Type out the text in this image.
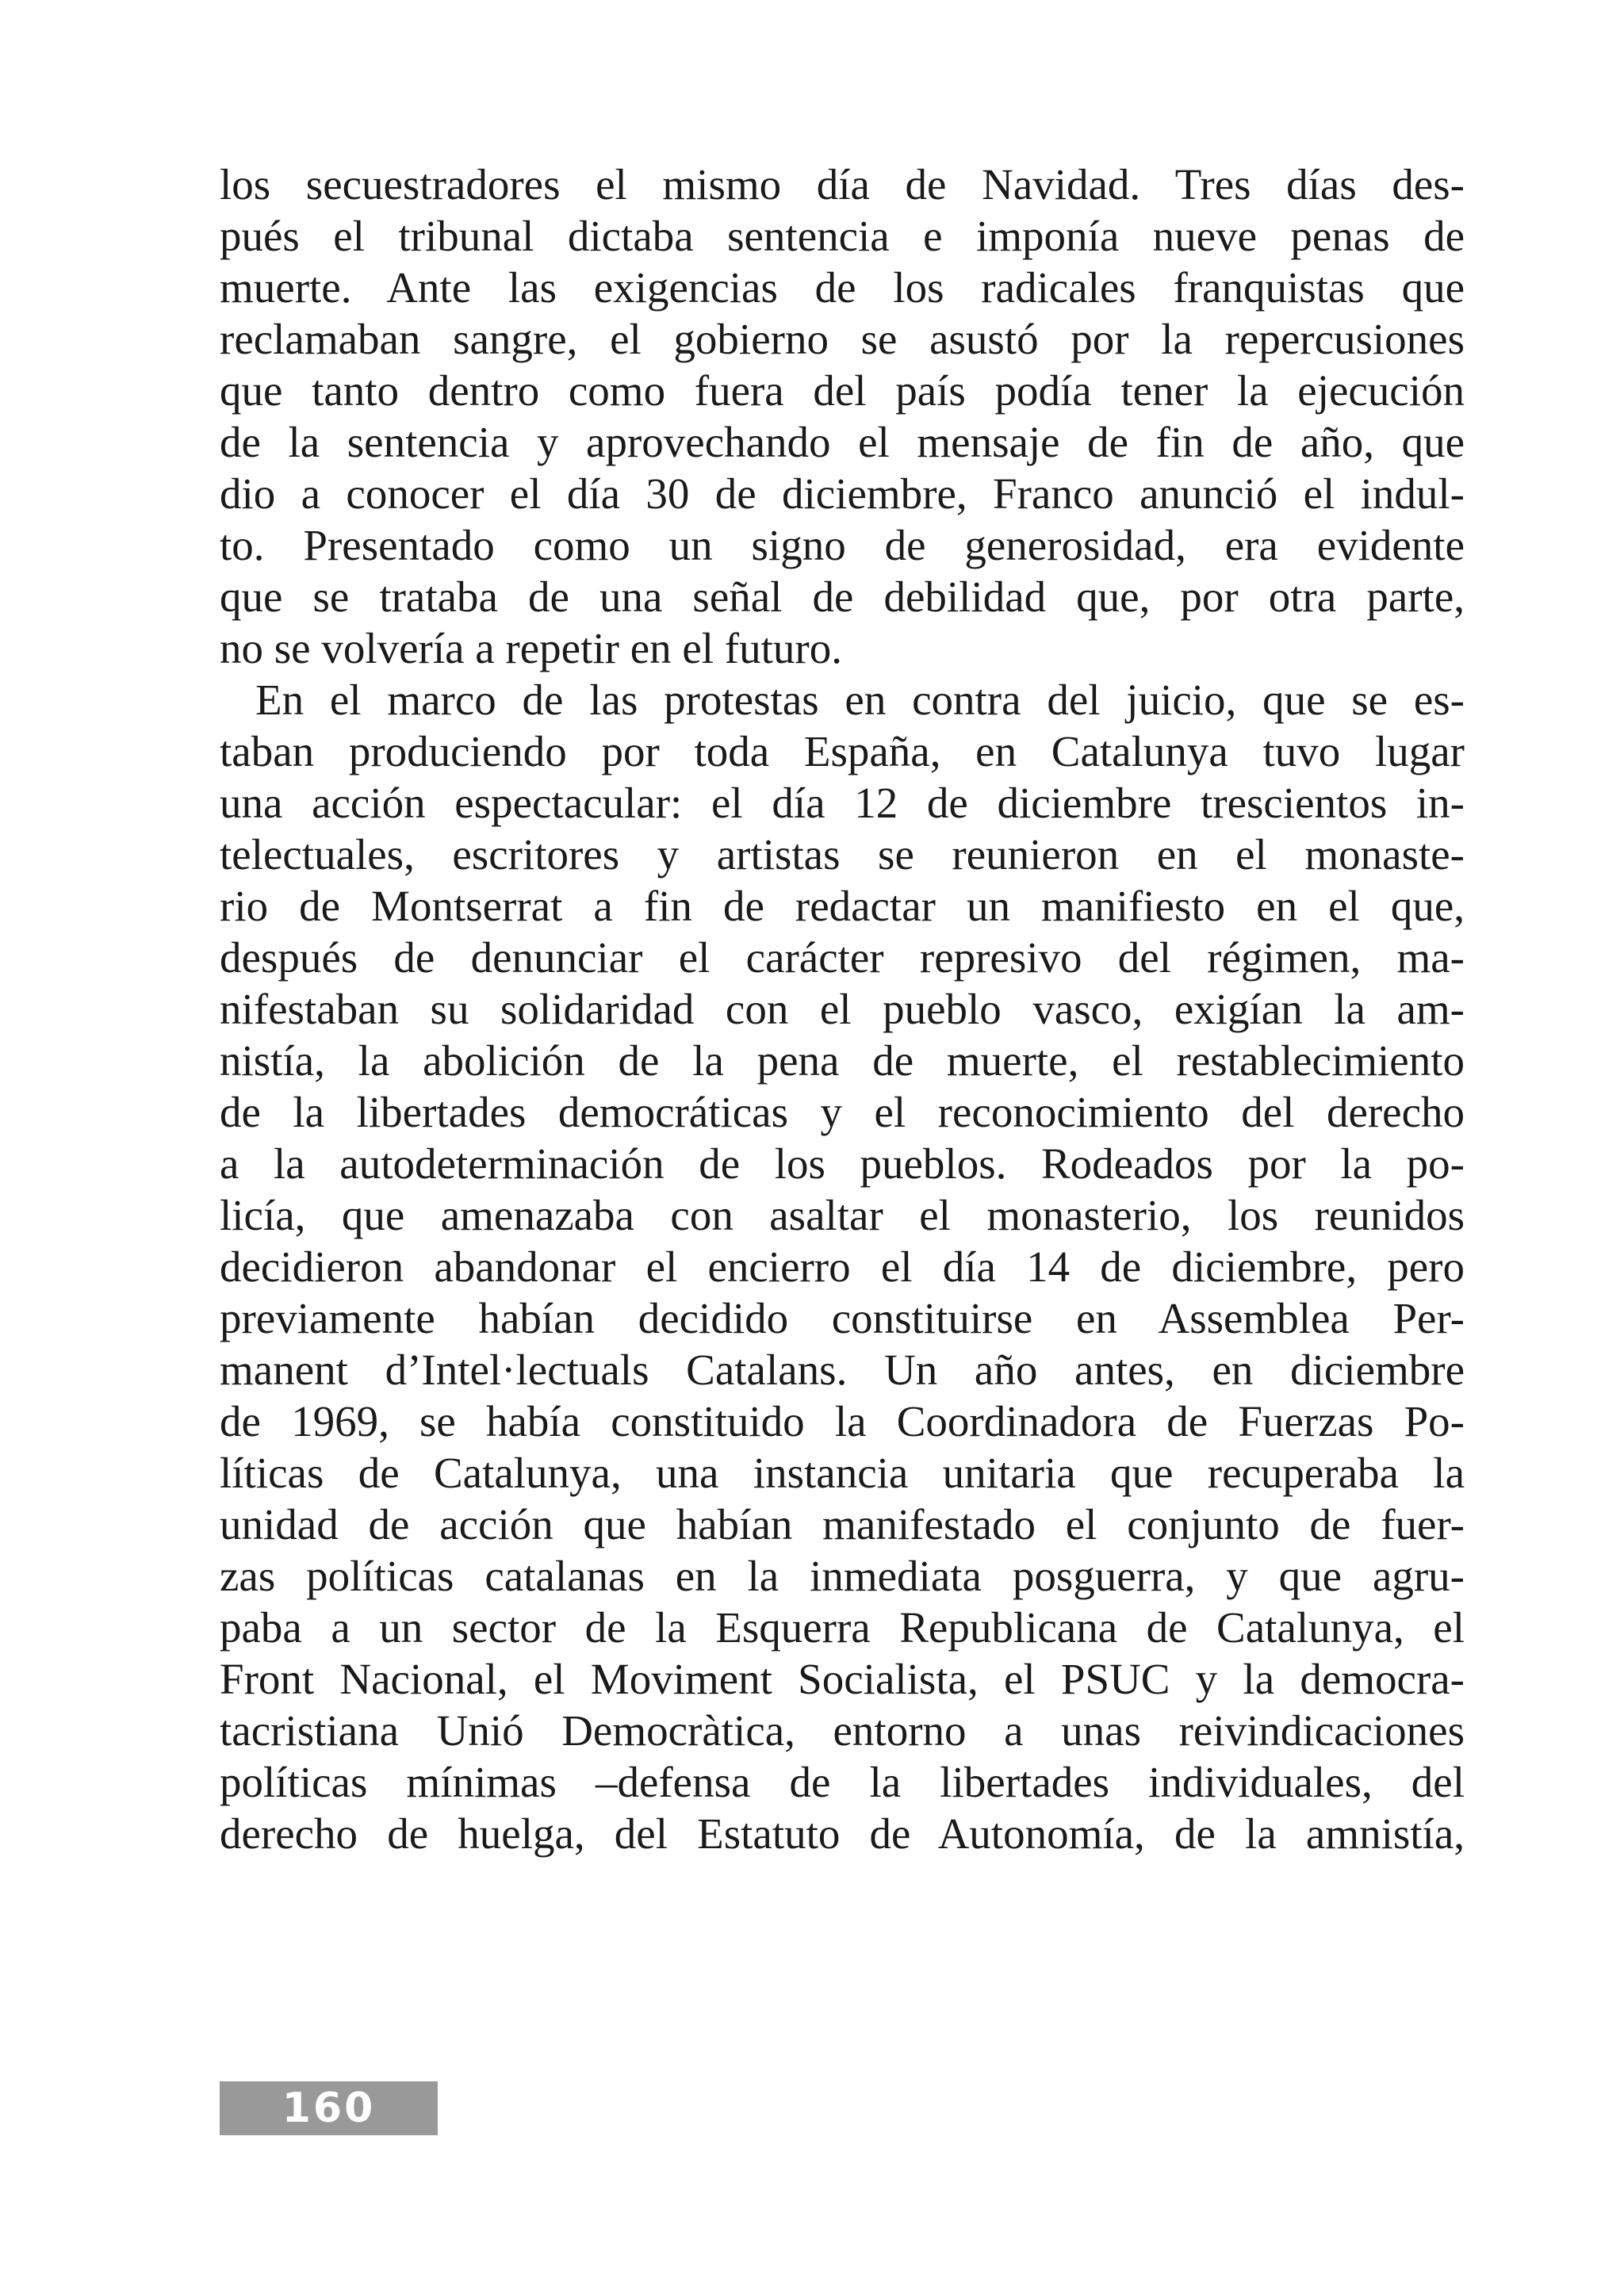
los secuestradores el mismo día de Navidad. Tres días des-
pués el tribunal dictaba sentencia e imponía nueve penas de
muerte. Ante las exigencias de los radicales franquistas que
reclamaban sangre, el gobierno se asustó por la repercusiones
que tanto dentro como fuera del país podía tener la ejecución
de la sentencia y aprovechando el mensaje de fin de año, que
dio a conocer el día 30 de diciembre, Franco anunció el indul-
to. Presentado como un signo de generosidad, era evidente
que se trataba de una señal de debilidad que, por otra parte,
no se volvería a repetir en el futuro.
En el marco de las protestas en contra del juicio, que se es-
taban produciendo por toda España, en Catalunya tuvo lugar
una acción espectacular: el día 12 de diciembre trescientos in-
telectuales, escritores y artistas se reunieron en el monaste-
rio de Montserrat a fin de redactar un manifiesto en el que,
después de denunciar el carácter represivo del régimen, ma-
nifestaban su solidaridad con el pueblo vasco, exigían la am-
nistía, la abolición de la pena de muerte, el restablecimiento
de la libertades democráticas y el reconocimiento del derecho
a la autodeterminación de los pueblos. Rodeados por la po-
licía, que amenazaba con asaltar el monasterio, los reunidos
decidieron abandonar el encierro el día 14 de diciembre, pero
previamente habían decidido constituirse en Assemblea Per-
manent d’Intel·lectuals Catalans. Un año antes, en diciembre
de 1969, se había constituido la Coordinadora de Fuerzas Po-
líticas de Catalunya, una instancia unitaria que recuperaba la
unidad de acción que habían manifestado el conjunto de fuer-
zas políticas catalanas en la inmediata posguerra, y que agru-
paba a un sector de la Esquerra Republicana de Catalunya, el
Front Nacional, el Moviment Socialista, el PSUC y la democra-
tacristiana Unió Democràtica, entorno a unas reivindicaciones
políticas mínimas –defensa de la libertades individuales, del
derecho de huelga, del Estatuto de Autonomía, de la amnistía,
160
